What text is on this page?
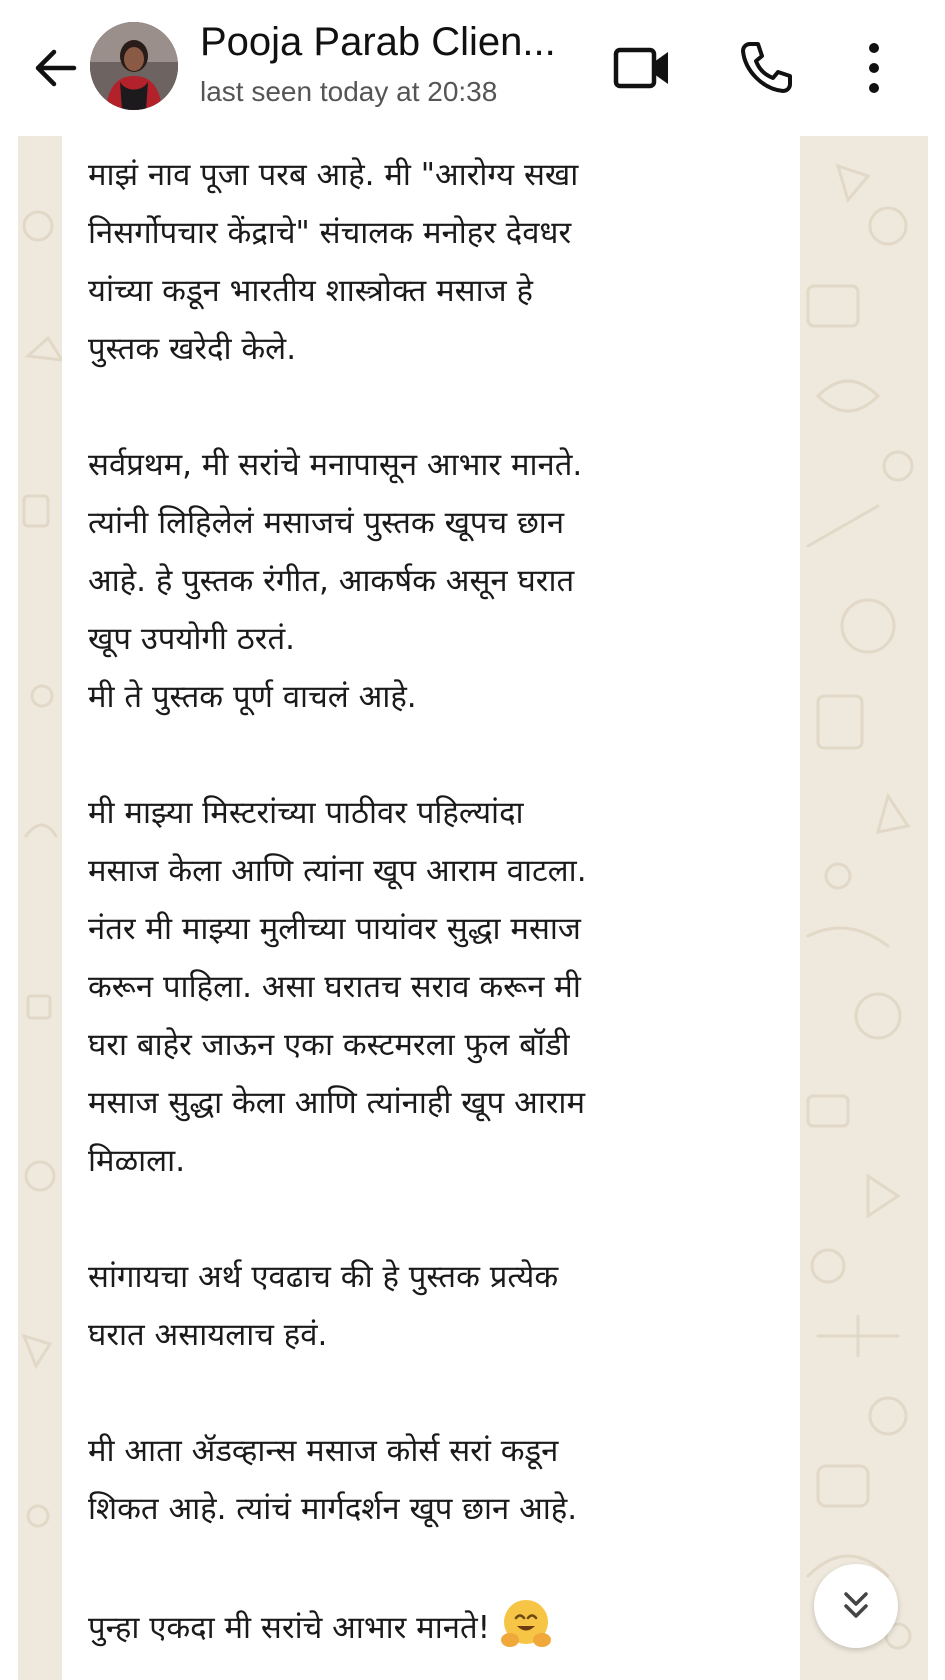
Pooja Parab Clien...
last seen today at 20:38

माझं नाव पूजा परब आहे. मी "आरोग्य सखा
निसर्गोपचार केंद्राचे" संचालक मनोहर देवधर
यांच्या कडून भारतीय शास्त्रोक्त मसाज हे
पुस्तक खरेदी केले.

सर्वप्रथम, मी सरांचे मनापासून आभार मानते.
त्यांनी लिहिलेलं मसाजचं पुस्तक खूपच छान
आहे. हे पुस्तक रंगीत, आकर्षक असून घरात
खूप उपयोगी ठरतं.
मी ते पुस्तक पूर्ण वाचलं आहे.

मी माझ्या मिस्टरांच्या पाठीवर पहिल्यांदा
मसाज केला आणि त्यांना खूप आराम वाटला.
नंतर मी माझ्या मुलीच्या पायांवर सुद्धा मसाज
करून पाहिला. असा घरातच सराव करून मी
घरा बाहेर जाऊन एका कस्टमरला फुल बॉडी
मसाज सुद्धा केला आणि त्यांनाही खूप आराम
मिळाला.

सांगायचा अर्थ एवढाच की हे पुस्तक प्रत्येक
घरात असायलाच हवं.

मी आता ॲडव्हान्स मसाज कोर्स सरां कडून
शिकत आहे. त्यांचं मार्गदर्शन खूप छान आहे.

पुन्हा एकदा मी सरांचे आभार मानते!
